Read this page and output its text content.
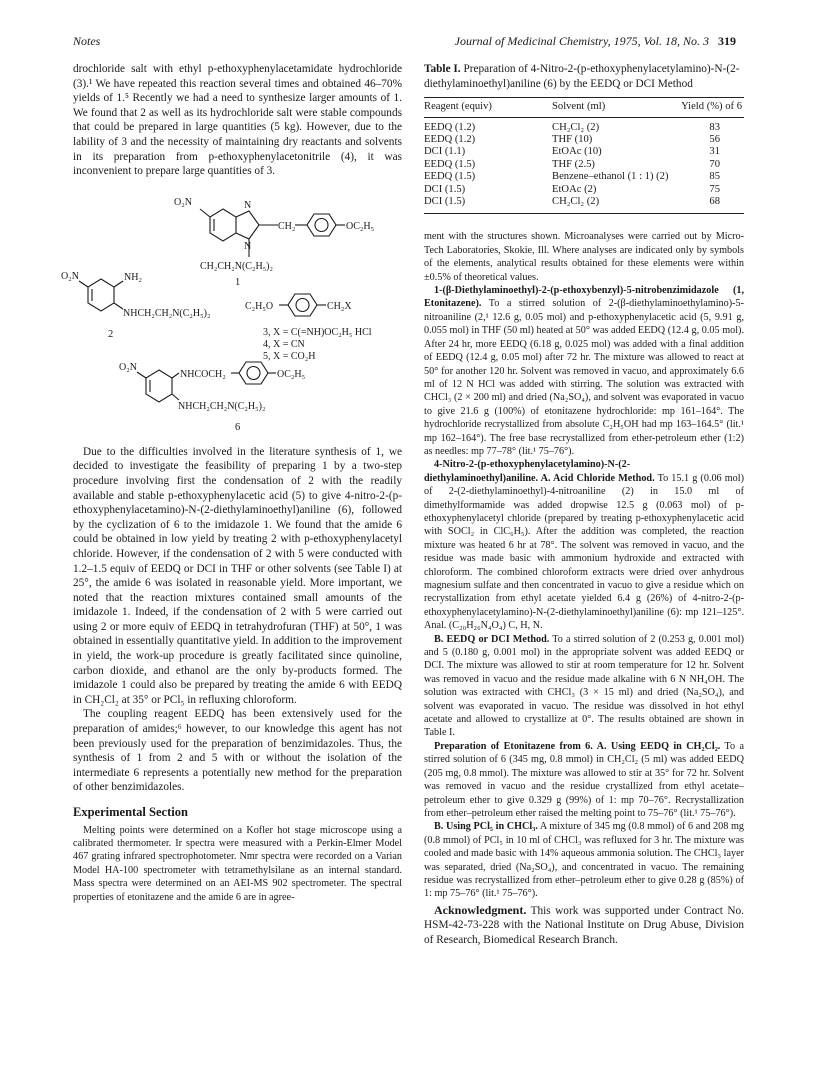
Notes	Journal of Medicinal Chemistry, 1975, Vol. 18, No. 3 319

drochloride salt with ethyl p-ethoxyphenylacetamidate hydrochloride (3).¹ We have repeated this reaction several times and obtained 46–70% yields of 1.⁵ Recently we had a need to synthesize larger amounts of 1. We found that 2 as well as its hydrochloride salt were stable compounds that could be prepared in large quantities (5 kg). However, due to the lability of 3 and the necessity of maintaining dry reactants and solvents in its preparation from p-ethoxyphenylacetonitrile (4), it was inconvenient to prepare large quantities of 3.

O₂N	N
N
CH₂	OC₂H₅
CH₂CH₂N(C₂H₅)₂
1
O₂N	NH₂
NHCH₂CH₂N(C₂H₅)₂
2
C₂H₅O	CH₂X
3, X = C(=NH)OC₂H₅ HCl
4, X = CN
5, X = CO₂H
O₂N
NHCOCH₂	OC₂H₅
NHCH₂CH₂N(C₂H₅)₂
6

Due to the difficulties involved in the literature synthesis of 1, we decided to investigate the feasibility of preparing 1 by a two-step procedure involving first the condensation of 2 with the readily available and stable p-ethoxyphenylacetic acid (5) to give 4-nitro-2-(p-ethoxyphenylacetamino)-N-(2-diethylaminoethyl)aniline (6), followed by the cyclization of 6 to the imidazole 1. We found that the amide 6 could be obtained in low yield by treating 2 with p-ethoxyphenylacetyl chloride. However, if the condensation of 2 with 5 were conducted with 1.2–1.5 equiv of EEDQ or DCI in THF or other solvents (see Table I) at 25°, the amide 6 was isolated in reasonable yield. More important, we noted that the reaction mixtures contained small amounts of the imidazole 1. Indeed, if the condensation of 2 with 5 were carried out using 2 or more equiv of EEDQ in tetrahydrofuran (THF) at 50°, 1 was obtained in essentially quantitative yield. In addition to the improvement in yield, the work-up procedure is greatly facilitated since quinoline, carbon dioxide, and ethanol are the only by-products formed. The imidazole 1 could also be prepared by treating the amide 6 with EEDQ in CH₂Cl₂ at 35° or PCl₅ in refluxing chloroform.

The coupling reagent EEDQ has been extensively used for the preparation of amides;⁶ however, to our knowledge this agent has not been previously used for the preparation of benzimidazoles. Thus, the synthesis of 1 from 2 and 5 with or without the isolation of the intermediate 6 represents a potentially new method for the preparation of other benzimidazoles.

Experimental Section

Melting points were determined on a Kofler hot stage microscope using a calibrated thermometer. Ir spectra were measured with a Perkin-Elmer Model 467 grating infrared spectrophotometer. Nmr spectra were recorded on a Varian Model HA-100 spectrometer with tetramethylsilane as an internal standard. Mass spectra were determined on an AEI-MS 902 spectrometer. The spectral properties of etonitazene and the amide 6 are in agree-

Table I. Preparation of 4-Nitro-2-(p-ethoxyphenylacetylamino)-N-(2-diethylaminoethyl)aniline (6) by the EEDQ or DCI Method
Reagent (equiv)	Solvent (ml)	Yield (%) of 6
EEDQ (1.2)	CH₂Cl₂ (2)	83
EEDQ (1.2)	THF (10)	56
DCI (1.1)	EtOAc (10)	31
EEDQ (1.5)	THF (2.5)	70
EEDQ (1.5)	Benzene–ethanol (1 : 1) (2)	85
DCI (1.5)	EtOAc (2)	75
DCI (1.5)	CH₂Cl₂ (2)	68

ment with the structures shown. Microanalyses were carried out by Micro-Tech Laboratories, Skokie, Ill. Where analyses are indicated only by symbols of the elements, analytical results obtained for these elements were within ±0.5% of theoretical values.

1-(β-Diethylaminoethyl)-2-(p-ethoxybenzyl)-5-nitrobenzimidazole (1, Etonitazene). To a stirred solution of 2-(β-diethylaminoethylamino)-5-nitroaniline (2,¹ 12.6 g, 0.05 mol) and p-ethoxyphenylacetic acid (5, 9.91 g, 0.055 mol) in THF (50 ml) heated at 50° was added EEDQ (12.4 g, 0.05 mol). After 24 hr, more EEDQ (6.18 g, 0.025 mol) was added with a final addition of EEDQ (12.4 g, 0.05 mol) after 72 hr. The mixture was allowed to react at 50° for another 120 hr. Solvent was removed in vacuo, and approximately 6.6 ml of 12 N HCl was added with stirring. The solution was extracted with CHCl₃ (2 × 200 ml) and dried (Na₂SO₄), and solvent was evaporated in vacuo to give 21.6 g (100%) of etonitazene hydrochloride: mp 161–164°. The hydrochloride recrystallized from absolute C₂H₅OH had mp 163–164.5° (lit.¹ mp 162–164°). The free base recrystallized from ether-petroleum ether (1:2) as needles: mp 77–78° (lit.¹ 75–76°).

4-Nitro-2-(p-ethoxyphenylacetylamino)-N-(2-diethylaminoethyl)aniline. A. Acid Chloride Method. To 15.1 g (0.06 mol) of 2-(2-diethylaminoethyl)-4-nitroaniline (2) in 15.0 ml of dimethylformamide was added dropwise 12.5 g (0.063 mol) of p-ethoxyphenylacetyl chloride (prepared by treating p-ethoxyphenylacetic acid with SOCl₂ in ClC₆H₅). After the addition was completed, the reaction mixture was heated 6 hr at 78°. The solvent was removed in vacuo, and the residue was made basic with ammonium hydroxide and extracted with chloroform. The combined chloroform extracts were dried over anhydrous magnesium sulfate and then concentrated in vacuo to give a residue which on recrystallization from ethyl acetate yielded 6.4 g (26%) of 4-nitro-2-(p-ethoxyphenylacetylamino)-N-(2-diethylaminoethyl)aniline (6): mp 121–125°. Anal. (C₂₀H₂₆N₄O₄) C, H, N.

B. EEDQ or DCI Method. To a stirred solution of 2 (0.253 g, 0.001 mol) and 5 (0.180 g, 0.001 mol) in the appropriate solvent was added EEDQ or DCI. The mixture was allowed to stir at room temperature for 12 hr. Solvent was removed in vacuo and the residue made alkaline with 6 N NH₄OH. The solution was extracted with CHCl₃ (3 × 15 ml) and dried (Na₂SO₄), and solvent was evaporated in vacuo. The residue was dissolved in hot ethyl acetate and allowed to crystallize at 0°. The results obtained are shown in Table I.

Preparation of Etonitazene from 6. A. Using EEDQ in CH₂Cl₂. To a stirred solution of 6 (345 mg, 0.8 mmol) in CH₂Cl₂ (5 ml) was added EEDQ (205 mg, 0.8 mmol). The mixture was allowed to stir at 35° for 72 hr. Solvent was removed in vacuo and the residue crystallized from ethyl acetate–petroleum ether to give 0.329 g (99%) of 1: mp 70–76°. Recrystallization from ether–petroleum ether raised the melting point to 75–76° (lit.¹ 75–76°).

B. Using PCl₅ in CHCl₃. A mixture of 345 mg (0.8 mmol) of 6 and 208 mg (0.8 mmol) of PCl₅ in 10 ml of CHCl₃ was refluxed for 3 hr. The mixture was cooled and made basic with 14% aqueous ammonia solution. The CHCl₃ layer was separated, dried (Na₂SO₄), and concentrated in vacuo. The remaining residue was recrystallized from ether–petroleum ether to give 0.28 g (85%) of 1: mp 75–76° (lit.¹ 75–76°).

Acknowledgment. This work was supported under Contract No. HSM-42-73-228 with the National Institute on Drug Abuse, Division of Research, Biomedical Research Branch.
